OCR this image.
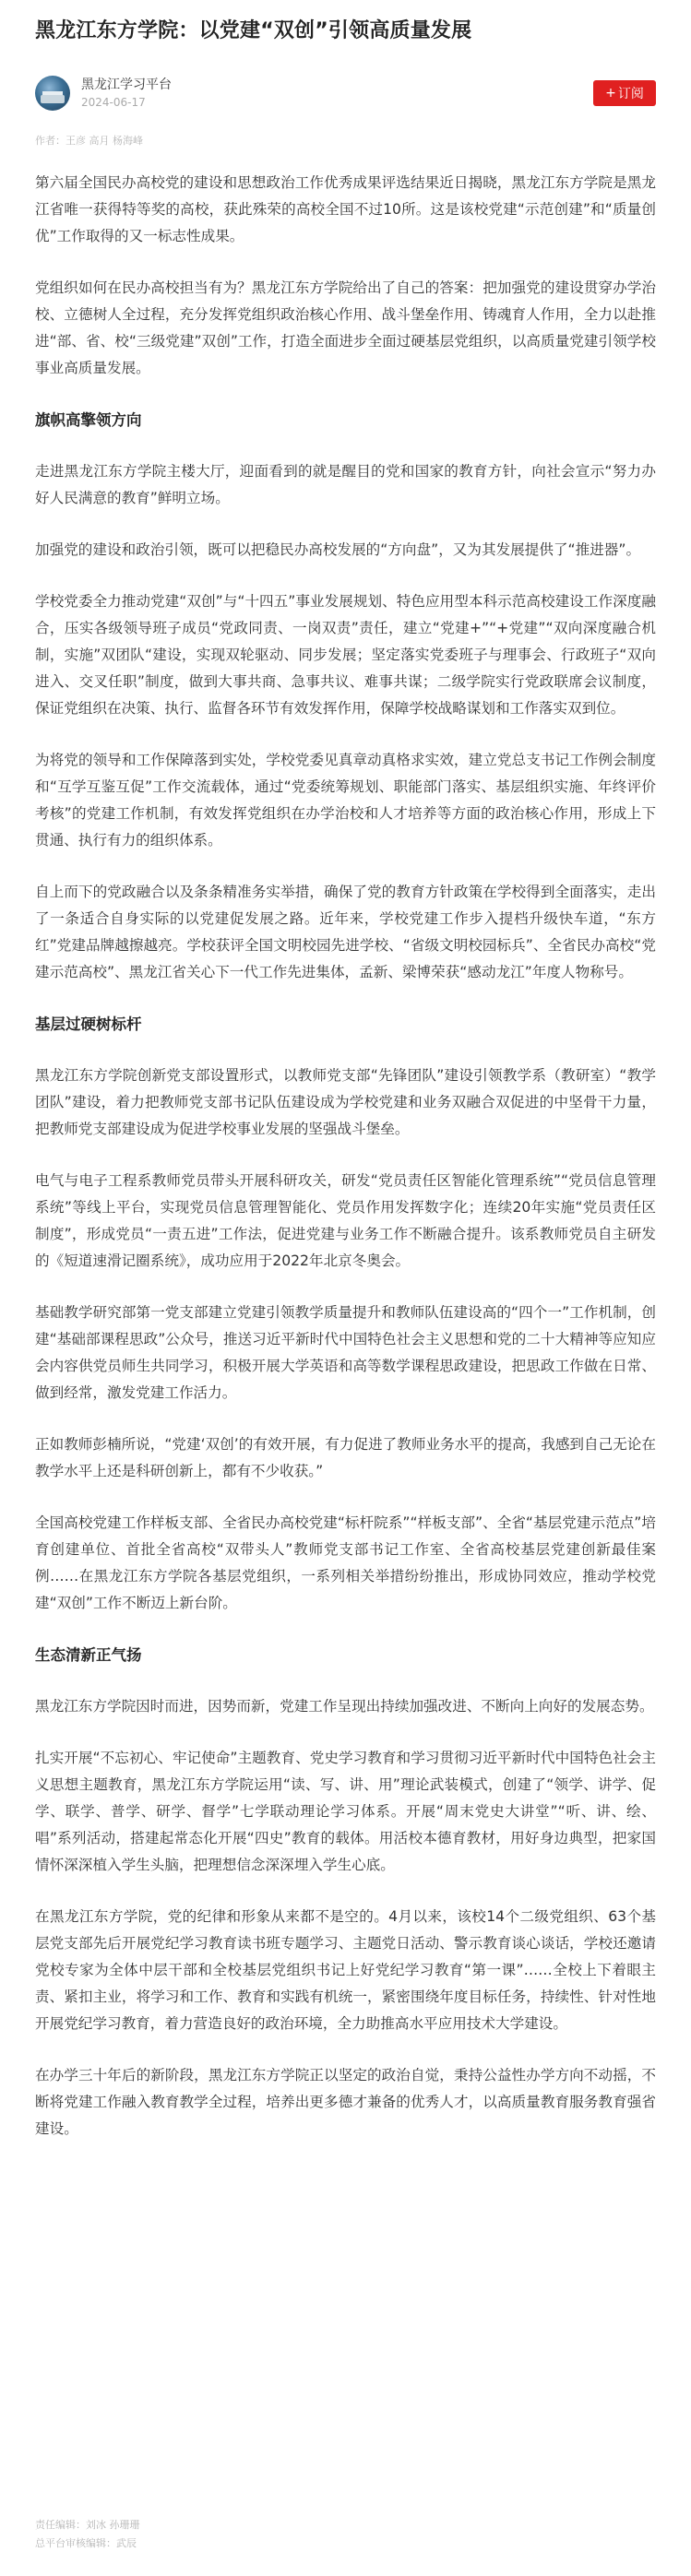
黑龙江东方学院：以党建“双创”引领高质量发展
黑龙江学习平台
2024-06-17
+ 订阅
作者：王彦 高月 杨海峰
第六届全国民办高校党的建设和思想政治工作优秀成果评选结果近日揭晓，黑龙江东方学院是黑龙江省唯一获得特等奖的高校，获此殊荣的高校全国不过10所。这是该校党建“示范创建”和“质量创优”工作取得的又一标志性成果。
党组织如何在民办高校担当有为？黑龙江东方学院给出了自己的答案：把加强党的建设贯穿办学治校、立德树人全过程，充分发挥党组织政治核心作用、战斗堡垒作用、铸魂育人作用，全力以赴推进“部、省、校“三级党建”双创”工作，打造全面进步全面过硬基层党组织，以高质量党建引领学校事业高质量发展。
旗帜高擎领方向
走进黑龙江东方学院主楼大厅，迎面看到的就是醒目的党和国家的教育方针，向社会宣示“努力办好人民满意的教育”鲜明立场。
加强党的建设和政治引领，既可以把稳民办高校发展的“方向盘”，又为其发展提供了“推进器”。
学校党委全力推动党建“双创”与“十四五”事业发展规划、特色应用型本科示范高校建设工作深度融合，压实各级领导班子成员“党政同责、一岗双责”责任，建立“党建+”“+党建”“双向深度融合机制，实施”双团队“建设，实现双轮驱动、同步发展；坚定落实党委班子与理事会、行政班子“双向进入、交叉任职”制度，做到大事共商、急事共议、难事共谋；二级学院实行党政联席会议制度，保证党组织在决策、执行、监督各环节有效发挥作用，保障学校战略谋划和工作落实双到位。
为将党的领导和工作保障落到实处，学校党委见真章动真格求实效，建立党总支书记工作例会制度和“互学互鉴互促”工作交流载体，通过“党委统筹规划、职能部门落实、基层组织实施、年终评价考核”的党建工作机制，有效发挥党组织在办学治校和人才培养等方面的政治核心作用，形成上下贯通、执行有力的组织体系。
自上而下的党政融合以及条条精准务实举措，确保了党的教育方针政策在学校得到全面落实，走出了一条适合自身实际的以党建促发展之路。近年来，学校党建工作步入提档升级快车道，“东方红”党建品牌越擦越亮。学校获评全国文明校园先进学校、“省级文明校园标兵”、全省民办高校“党建示范高校”、黑龙江省关心下一代工作先进集体，孟新、梁博荣获“感动龙江”年度人物称号。
基层过硬树标杆
黑龙江东方学院创新党支部设置形式，以教师党支部“先锋团队”建设引领教学系（教研室）“教学团队”建设，着力把教师党支部书记队伍建设成为学校党建和业务双融合双促进的中坚骨干力量，把教师党支部建设成为促进学校事业发展的坚强战斗堡垒。
电气与电子工程系教师党员带头开展科研攻关，研发“党员责任区智能化管理系统”“党员信息管理系统”等线上平台，实现党员信息管理智能化、党员作用发挥数字化；连续20年实施“党员责任区制度”，形成党员“一责五进”工作法，促进党建与业务工作不断融合提升。该系教师党员自主研发的《短道速滑记圈系统》，成功应用于2022年北京冬奥会。
基础教学研究部第一党支部建立党建引领教学质量提升和教师队伍建设高的“四个一”工作机制，创建“基础部课程思政”公众号，推送习近平新时代中国特色社会主义思想和党的二十大精神等应知应会内容供党员师生共同学习，积极开展大学英语和高等数学课程思政建设，把思政工作做在日常、做到经常，激发党建工作活力。
正如教师彭楠所说，“党建‘双创’的有效开展，有力促进了教师业务水平的提高，我感到自己无论在教学水平上还是科研创新上，都有不少收获。”
全国高校党建工作样板支部、全省民办高校党建“标杆院系”“样板支部”、全省“基层党建示范点”培育创建单位、首批全省高校“双带头人”教师党支部书记工作室、全省高校基层党建创新最佳案例……在黑龙江东方学院各基层党组织，一系列相关举措纷纷推出，形成协同效应，推动学校党建“双创”工作不断迈上新台阶。
生态清新正气扬
黑龙江东方学院因时而进，因势而新，党建工作呈现出持续加强改进、不断向上向好的发展态势。
扎实开展“不忘初心、牢记使命”主题教育、党史学习教育和学习贯彻习近平新时代中国特色社会主义思想主题教育，黑龙江东方学院运用“读、写、讲、用”理论武装模式，创建了“领学、讲学、促学、联学、普学、研学、督学”七学联动理论学习体系。开展“周末党史大讲堂”“听、讲、绘、唱”系列活动，搭建起常态化开展“四史”教育的载体。用活校本德育教材，用好身边典型，把家国情怀深深植入学生头脑，把理想信念深深埋入学生心底。
在黑龙江东方学院，党的纪律和形象从来都不是空的。4月以来，该校14个二级党组织、63个基层党支部先后开展党纪学习教育读书班专题学习、主题党日活动、警示教育谈心谈话，学校还邀请党校专家为全体中层干部和全校基层党组织书记上好党纪学习教育“第一课”……全校上下着眼主责、紧扣主业，将学习和工作、教育和实践有机统一，紧密围绕年度目标任务，持续性、针对性地开展党纪学习教育，着力营造良好的政治环境，全力助推高水平应用技术大学建设。
在办学三十年后的新阶段，黑龙江东方学院正以坚定的政治自觉，秉持公益性办学方向不动摇，不断将党建工作融入教育教学全过程，培养出更多德才兼备的优秀人才，以高质量教育服务教育强省建设。
责任编辑：刘冰 孙珊珊
总平台审核编辑：武辰
